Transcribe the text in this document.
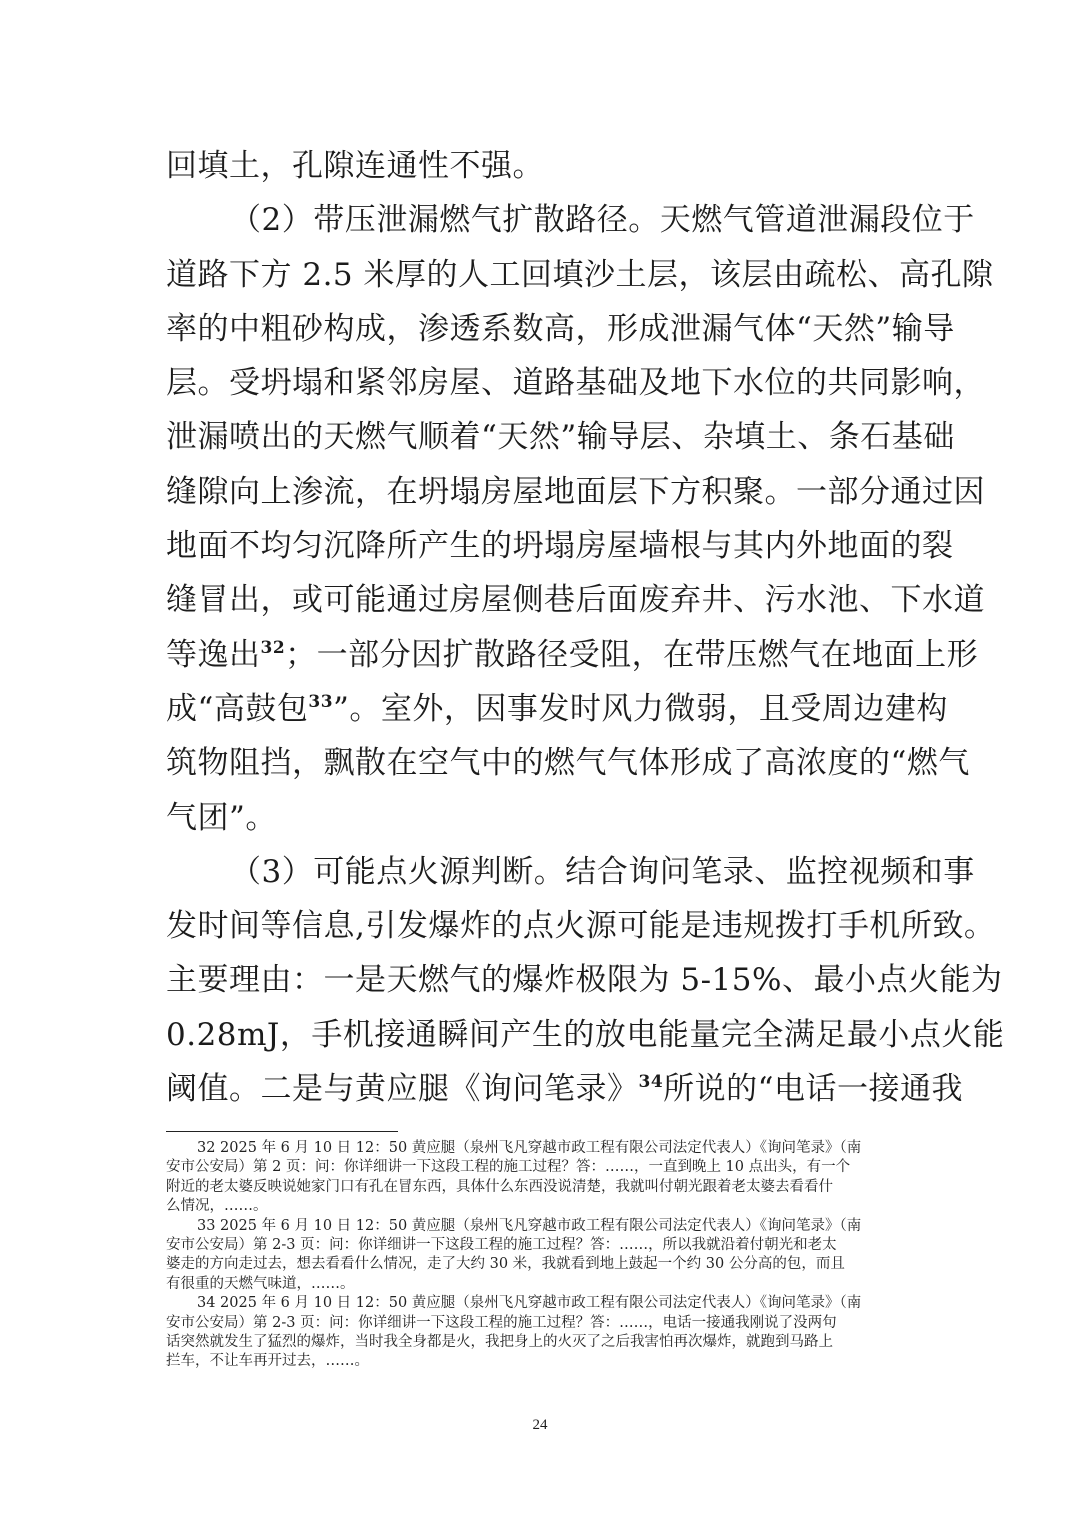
回填土，孔隙连通性不强。
（2）带压泄漏燃气扩散路径。天燃气管道泄漏段位于
道路下方 2.5 米厚的人工回填沙土层，该层由疏松、高孔隙
率的中粗砂构成，渗透系数高，形成泄漏气体“天然”输导
层。受坍塌和紧邻房屋、道路基础及地下水位的共同影响，
泄漏喷出的天燃气顺着“天然”输导层、杂填土、条石基础
缝隙向上渗流，在坍塌房屋地面层下方积聚。一部分通过因
地面不均匀沉降所产生的坍塌房屋墙根与其内外地面的裂
缝冒出，或可能通过房屋侧巷后面废弃井、污水池、下水道
等逸出$^{32}$；一部分因扩散路径受阻，在带压燃气在地面上形
成“高鼓包$^{33}$”。室外，因事发时风力微弱，且受周边建构
筑物阻挡，飘散在空气中的燃气气体形成了高浓度的“燃气
气团”。
（3）可能点火源判断。结合询问笔录、监控视频和事
发时间等信息,引发爆炸的点火源可能是违规拨打手机所致。
主要理由：一是天燃气的爆炸极限为 5-15%、最小点火能为
0.28mJ，手机接通瞬间产生的放电能量完全满足最小点火能
阈值。二是与黄应腿《询问笔录》$^{34}$所说的“电话一接通我
32 2025 年 6 月 10 日 12：50 黄应腿（泉州飞凡穿越市政工程有限公司法定代表人）《询问笔录》（南
安市公安局）第 2 页：问：你详细讲一下这段工程的施工过程？答：……，一直到晚上 10 点出头，有一个
附近的老太婆反映说她家门口有孔在冒东西，具体什么东西没说清楚，我就叫付朝光跟着老太婆去看看什
么情况，……。
33 2025 年 6 月 10 日 12：50 黄应腿（泉州飞凡穿越市政工程有限公司法定代表人）《询问笔录》（南
安市公安局）第 2-3 页：问：你详细讲一下这段工程的施工过程？答：……，所以我就沿着付朝光和老太
婆走的方向走过去，想去看看什么情况，走了大约 30 米，我就看到地上鼓起一个约 30 公分高的包，而且
有很重的天燃气味道，……。
34 2025 年 6 月 10 日 12：50 黄应腿（泉州飞凡穿越市政工程有限公司法定代表人）《询问笔录》（南
安市公安局）第 2-3 页：问：你详细讲一下这段工程的施工过程？答：……，电话一接通我刚说了没两句
话突然就发生了猛烈的爆炸，当时我全身都是火，我把身上的火灭了之后我害怕再次爆炸，就跑到马路上
拦车，不让车再开过去，……。
24
